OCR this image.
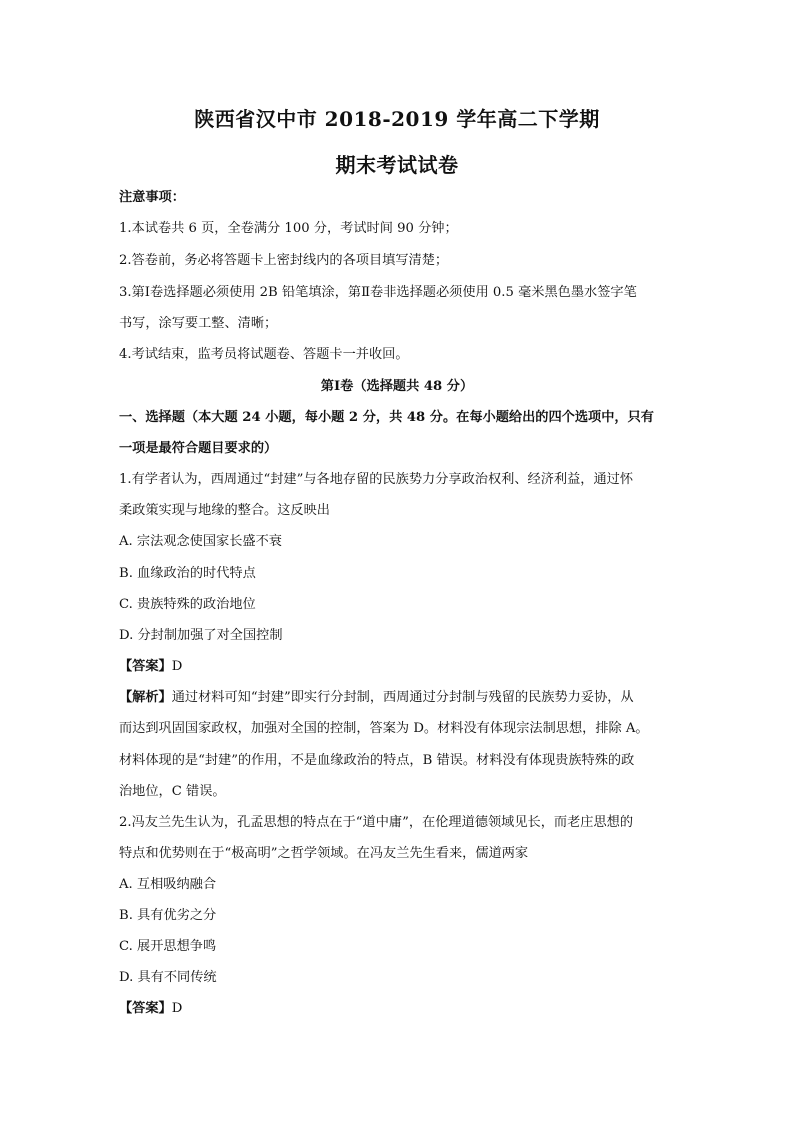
陕西省汉中市 2018-2019 学年高二下学期
期末考试试卷
注意事项：
1.本试卷共 6 页，全卷满分 100 分，考试时间 90 分钟；
2.答卷前，务必将答题卡上密封线内的各项目填写清楚；
3.第Ⅰ卷选择题必须使用 2B 铅笔填涂，第Ⅱ卷非选择题必须使用 0.5 毫米黑色墨水签字笔
书写，涂写要工整、清晰；
4.考试结束，监考员将试题卷、答题卡一并收回。
第Ⅰ卷（选择题共 48 分）
一、选择题（本大题 24 小题，每小题 2 分，共 48 分。在每小题给出的四个选项中，只有
一项是最符合题目要求的）
1.有学者认为，西周通过“封建”与各地存留的民族势力分享政治权利、经济利益，通过怀
柔政策实现与地缘的整合。这反映出
A. 宗法观念使国家长盛不衰
B. 血缘政治的时代特点
C. 贵族特殊的政治地位
D. 分封制加强了对全国控制
【答案】D
【解析】通过材料可知“封建”即实行分封制，西周通过分封制与残留的民族势力妥协，从
而达到巩固国家政权，加强对全国的控制，答案为 D。材料没有体现宗法制思想，排除 A。
材料体现的是“封建”的作用，不是血缘政治的特点，B 错误。材料没有体现贵族特殊的政
治地位，C 错误。
2.冯友兰先生认为，孔孟思想的特点在于“道中庸”，在伦理道德领域见长，而老庄思想的
特点和优势则在于“极高明”之哲学领域。在冯友兰先生看来，儒道两家
A. 互相吸纳融合
B. 具有优劣之分
C. 展开思想争鸣
D. 具有不同传统
【答案】D
